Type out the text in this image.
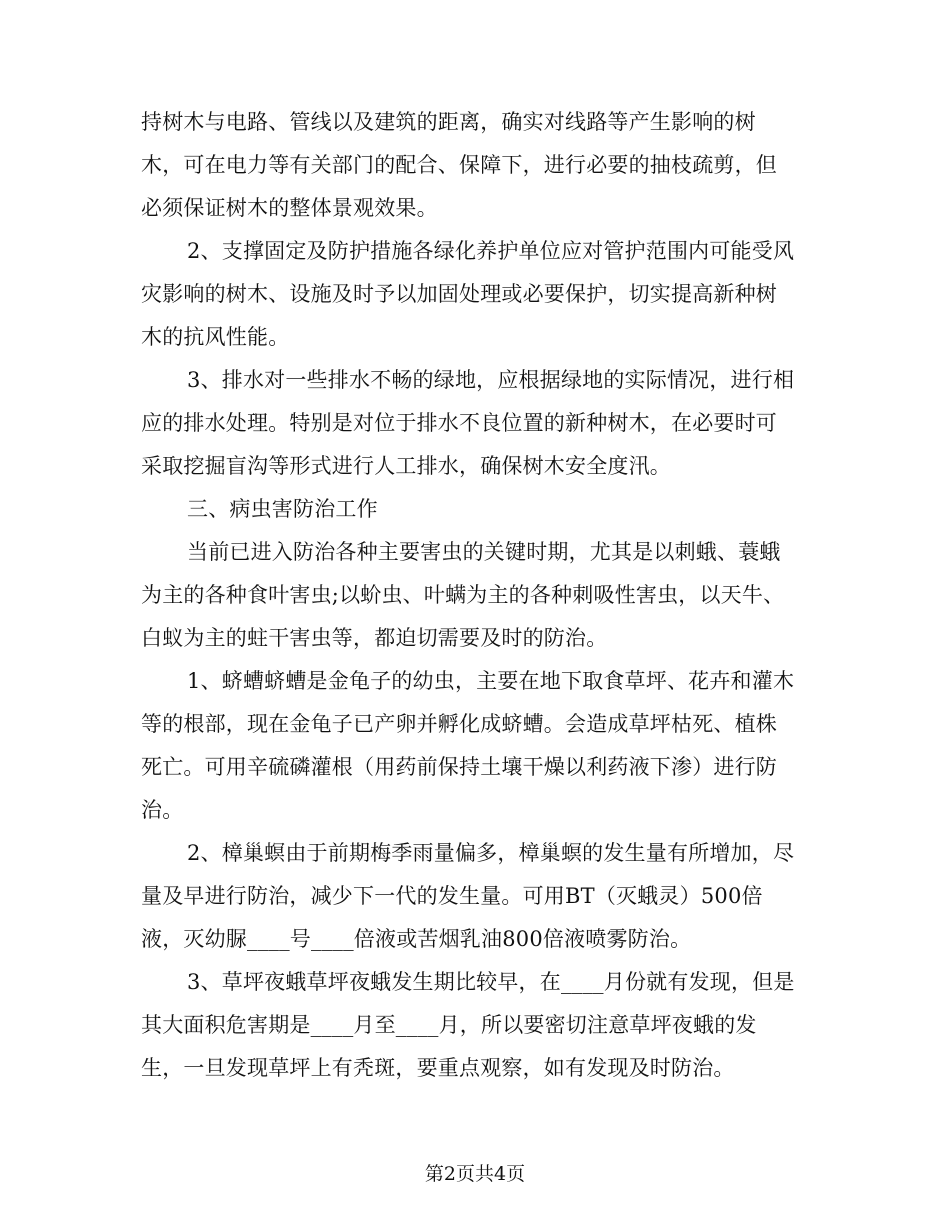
持树木与电路、管线以及建筑的距离，确实对线路等产生影响的树
木，可在电力等有关部门的配合、保障下，进行必要的抽枝疏剪，但
必须保证树木的整体景观效果。
2、支撑固定及防护措施各绿化养护单位应对管护范围内可能受风
灾影响的树木、设施及时予以加固处理或必要保护，切实提高新种树
木的抗风性能。
3、排水对一些排水不畅的绿地，应根据绿地的实际情况，进行相
应的排水处理。特别是对位于排水不良位置的新种树木，在必要时可
采取挖掘盲沟等形式进行人工排水，确保树木安全度汛。
三、病虫害防治工作
当前已进入防治各种主要害虫的关键时期，尤其是以刺蛾、蓑蛾
为主的各种食叶害虫;以蚧虫、叶螨为主的各种刺吸性害虫，以天牛、
白蚁为主的蛀干害虫等，都迫切需要及时的防治。
1、蛴螬蛴螬是金龟子的幼虫，主要在地下取食草坪、花卉和灌木
等的根部，现在金龟子已产卵并孵化成蛴螬。会造成草坪枯死、植株
死亡。可用辛硫磷灌根（用药前保持土壤干燥以利药液下渗）进行防
治。
2、樟巢螟由于前期梅季雨量偏多，樟巢螟的发生量有所增加，尽
量及早进行防治，减少下一代的发生量。可用BT（灭蛾灵）500倍
液，灭幼脲____号____倍液或苦烟乳油800倍液喷雾防治。
3、草坪夜蛾草坪夜蛾发生期比较早，在____月份就有发现，但是
其大面积危害期是____月至____月，所以要密切注意草坪夜蛾的发
生，一旦发现草坪上有秃斑，要重点观察，如有发现及时防治。
第2页共4页
